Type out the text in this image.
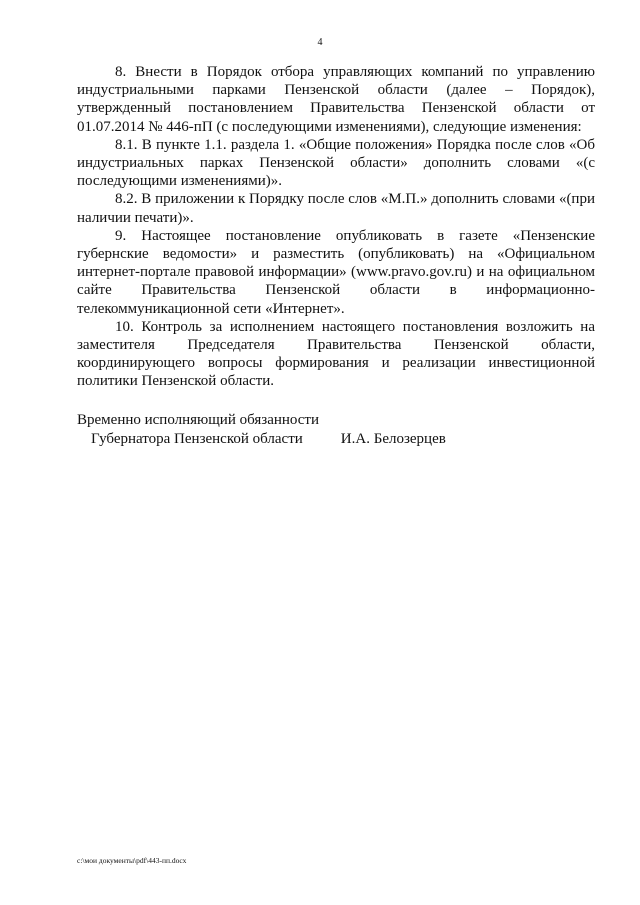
4

8. Внести в Порядок отбора управляющих компаний по управлению индустриальными парками Пензенской области (далее – Порядок), утвержденный постановлением Правительства Пензенской области от 01.07.2014 № 446-пП (с последующими изменениями), следующие изменения:

8.1. В пункте 1.1. раздела 1. «Общие положения» Порядка после слов «Об индустриальных парках Пензенской области» дополнить словами «(с последующими изменениями)».

8.2. В приложении к Порядку после слов «М.П.» дополнить словами «(при наличии печати)».

9. Настоящее постановление опубликовать в газете «Пензенские губернские ведомости» и разместить (опубликовать) на «Официальном интернет-портале правовой информации» (www.pravo.gov.ru) и на официальном сайте Правительства Пензенской области в информационно-телекоммуникационной сети «Интернет».

10. Контроль за исполнением настоящего постановления возложить на заместителя Председателя Правительства Пензенской области, координирующего вопросы формирования и реализации инвестиционной политики Пензенской области.

Временно исполняющий обязанности
Губернатора Пензенской области	И.А. Белозерцев
c:\мои документы\pdf\443-пп.docx
